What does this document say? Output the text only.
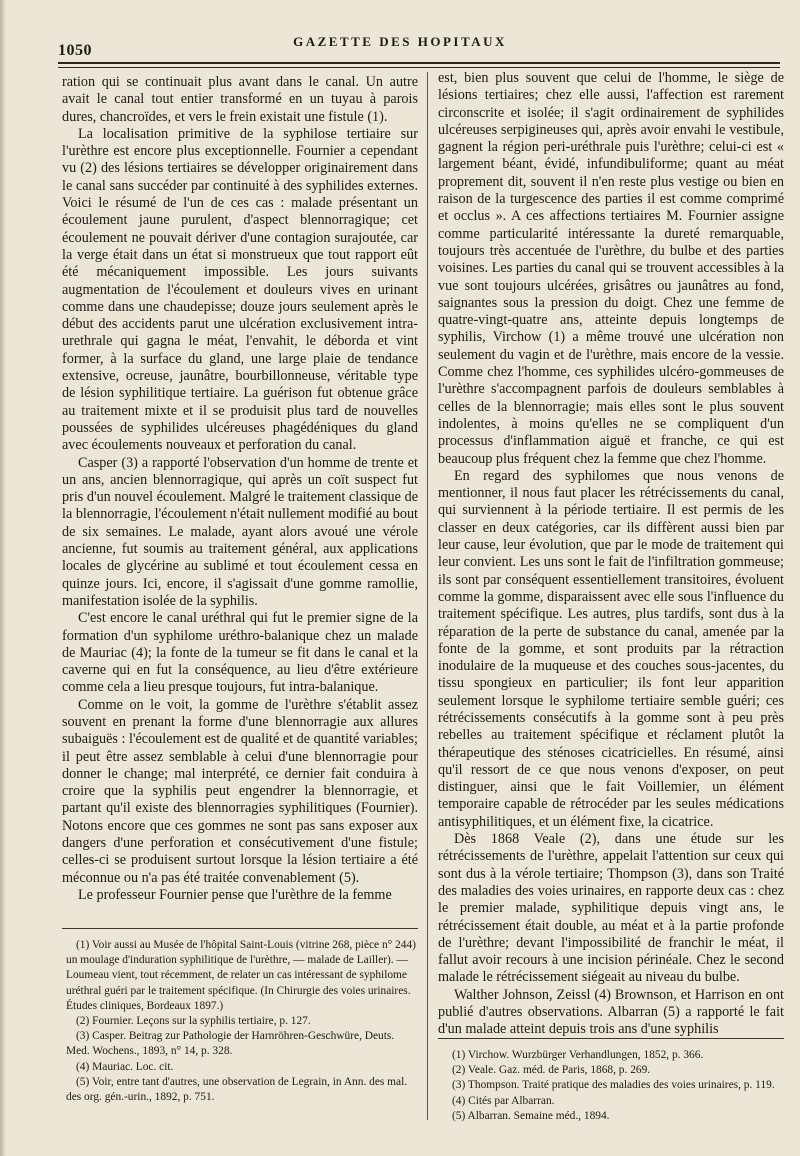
1050
GAZETTE DES HOPITAUX

ration qui se continuait plus avant dans le canal. Un autre avait le canal tout entier transformé en un tuyau à parois dures, chancroïdes, et vers le frein existait une fistule (1).

La localisation primitive de la syphilose tertiaire sur l'urèthre est encore plus exceptionnelle. Fournier a cependant vu (2) des lésions tertiaires se développer originairement dans le canal sans succéder par continuité à des syphilides externes. Voici le résumé de l'un de ces cas : malade présentant un écoulement jaune purulent, d'aspect blennorragique; cet écoulement ne pouvait dériver d'une contagion surajoutée, car la verge était dans un état si monstrueux que tout rapport eût été mécaniquement impossible. Les jours suivants augmentation de l'écoulement et douleurs vives en urinant comme dans une chaudepisse; douze jours seulement après le début des accidents parut une ulcération exclusivement intra-urethrale qui gagna le méat, l'envahit, le déborda et vint former, à la surface du gland, une large plaie de tendance extensive, ocreuse, jaunâtre, bourbillonneuse, véritable type de lésion syphilitique tertiaire. La guérison fut obtenue grâce au traitement mixte et il se produisit plus tard de nouvelles poussées de syphilides ulcéreuses phagédéniques du gland avec écoulements nouveaux et perforation du canal.

Casper (3) a rapporté l'observation d'un homme de trente et un ans, ancien blennorragique, qui après un coït suspect fut pris d'un nouvel écoulement. Malgré le traitement classique de la blennorragie, l'écoulement n'était nullement modifié au bout de six semaines. Le malade, ayant alors avoué une vérole ancienne, fut soumis au traitement général, aux applications locales de glycérine au sublimé et tout écoulement cessa en quinze jours. Ici, encore, il s'agissait d'une gomme ramollie, manifestation isolée de la syphilis.

C'est encore le canal uréthral qui fut le premier signe de la formation d'un syphilome uréthro-balanique chez un malade de Mauriac (4); la fonte de la tumeur se fit dans le canal et la caverne qui en fut la conséquence, au lieu d'être extérieure comme cela a lieu presque toujours, fut intra-balanique.

Comme on le voit, la gomme de l'urèthre s'établit assez souvent en prenant la forme d'une blennorragie aux allures subaiguës : l'écoulement est de qualité et de quantité variables; il peut être assez semblable à celui d'une blennorragie pour donner le change; mal interprété, ce dernier fait conduira à croire que la syphilis peut engendrer la blennorragie, et partant qu'il existe des blennorragies syphilitiques (Fournier). Notons encore que ces gommes ne sont pas sans exposer aux dangers d'une perforation et consécutivement d'une fistule; celles-ci se produisent surtout lorsque la lésion tertiaire a été méconnue ou n'a pas été traitée convenablement (5).

Le professeur Fournier pense que l'urèthre de la femme

est, bien plus souvent que celui de l'homme, le siège de lésions tertiaires; chez elle aussi, l'affection est rarement circonscrite et isolée; il s'agit ordinairement de syphilides ulcéreuses serpigineuses qui, après avoir envahi le vestibule, gagnent la région peri-uréthrale puis l'urèthre; celui-ci est « largement béant, évidé, infundibuliforme; quant au méat proprement dit, souvent il n'en reste plus vestige ou bien en raison de la turgescence des parties il est comme comprimé et occlus ». A ces affections tertiaires M. Fournier assigne comme particularité intéressante la dureté remarquable, toujours très accentuée de l'urèthre, du bulbe et des parties voisines. Les parties du canal qui se trouvent accessibles à la vue sont toujours ulcérées, grisâtres ou jaunâtres au fond, saignantes sous la pression du doigt. Chez une femme de quatre-vingt-quatre ans, atteinte depuis longtemps de syphilis, Virchow (1) a même trouvé une ulcération non seulement du vagin et de l'urèthre, mais encore de la vessie. Comme chez l'homme, ces syphilides ulcéro-gommeuses de l'urèthre s'accompagnent parfois de douleurs semblables à celles de la blennorragie; mais elles sont le plus souvent indolentes, à moins qu'elles ne se compliquent d'un processus d'inflammation aiguë et franche, ce qui est beaucoup plus fréquent chez la femme que chez l'homme.

En regard des syphilomes que nous venons de mentionner, il nous faut placer les rétrécissements du canal, qui surviennent à la période tertiaire. Il est permis de les classer en deux catégories, car ils diffèrent aussi bien par leur cause, leur évolution, que par le mode de traitement qui leur convient. Les uns sont le fait de l'infiltration gommeuse; ils sont par conséquent essentiellement transitoires, évoluent comme la gomme, disparaissent avec elle sous l'influence du traitement spécifique. Les autres, plus tardifs, sont dus à la réparation de la perte de substance du canal, amenée par la fonte de la gomme, et sont produits par la rétraction inodulaire de la muqueuse et des couches sous-jacentes, du tissu spongieux en particulier; ils font leur apparition seulement lorsque le syphilome tertiaire semble guéri; ces rétrécissements consécutifs à la gomme sont à peu près rebelles au traitement spécifique et réclament plutôt la thérapeutique des sténoses cicatricielles. En résumé, ainsi qu'il ressort de ce que nous venons d'exposer, on peut distinguer, ainsi que le fait Voillemier, un élément temporaire capable de rétrocéder par les seules médications antisyphilitiques, et un élément fixe, la cicatrice.

Dès 1868 Veale (2), dans une étude sur les rétrécissements de l'urèthre, appelait l'attention sur ceux qui sont dus à la vérole tertiaire; Thompson (3), dans son Traité des maladies des voies urinaires, en rapporte deux cas : chez le premier malade, syphilitique depuis vingt ans, le rétrécissement était double, au méat et à la partie profonde de l'urèthre; devant l'impossibilité de franchir le méat, il fallut avoir recours à une incision périnéale. Chez le second malade le rétrécissement siégeait au niveau du bulbe.

Walther Johnson, Zeissl (4) Brownson, et Harrison en ont publié d'autres observations. Albarran (5) a rapporté le fait d'un malade atteint depuis trois ans d'une syphilis

(1) Voir aussi au Musée de l'hôpital Saint-Louis (vitrine 268, pièce n° 244) un moulage d'induration syphilitique de l'urèthre, — malade de Lailler). — Loumeau vient, tout récemment, de relater un cas intéressant de syphilome uréthral guéri par le traitement spécifique. (In Chirurgie des voies urinaires. Études cliniques, Bordeaux 1897.)

(2) Fournier. Leçons sur la syphilis tertiaire, p. 127.

(3) Casper. Beitrag zur Pathologie der Harnröhren-Geschwüre, Deuts. Med. Wochens., 1893, n° 14, p. 328.

(4) Mauriac. Loc. cit.

(5) Voir, entre tant d'autres, une observation de Legrain, in Ann. des mal. des org. gén.-urin., 1892, p. 751.

(1) Virchow. Wurzbürger Verhandlungen, 1852, p. 366.

(2) Veale. Gaz. méd. de Paris, 1868, p. 269.

(3) Thompson. Traité pratique des maladies des voies urinaires, p. 119.

(4) Cités par Albarran.

(5) Albarran. Semaine méd., 1894.
